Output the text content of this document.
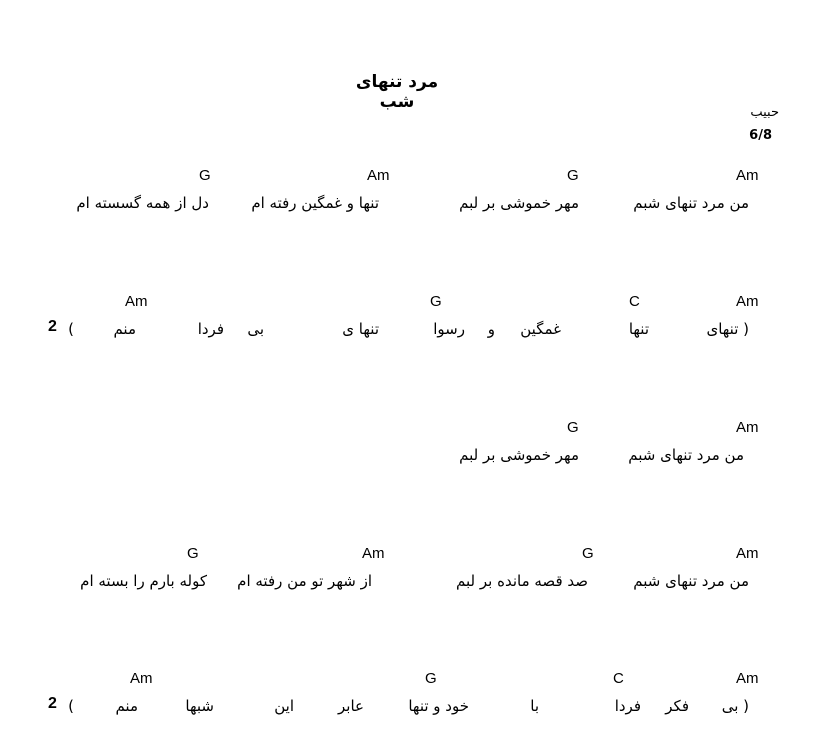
مرد تنهای شب
حبیب
6/8
Am
G
Am
G
من مرد تنهای شبم
مهر خموشی بر لبم
تنها و غمگین رفته ام
دل از همه گسسته ام
Am
C
G
Am
( تنهای
تنها
غمگین
و
رسوا
تنها ی
بی
فردا
منم
)
2
Am
G
من مرد تنهای شبم
مهر خموشی بر لبم
Am
G
Am
G
من مرد تنهای شبم
صد قصه مانده بر لبم
از شهر تو من رفته ام
کوله بارم را بسته ام
Am
C
G
Am
( بی
فکر
فردا
با
خود و تنها
عابر
این
شبها
منم
)
2
